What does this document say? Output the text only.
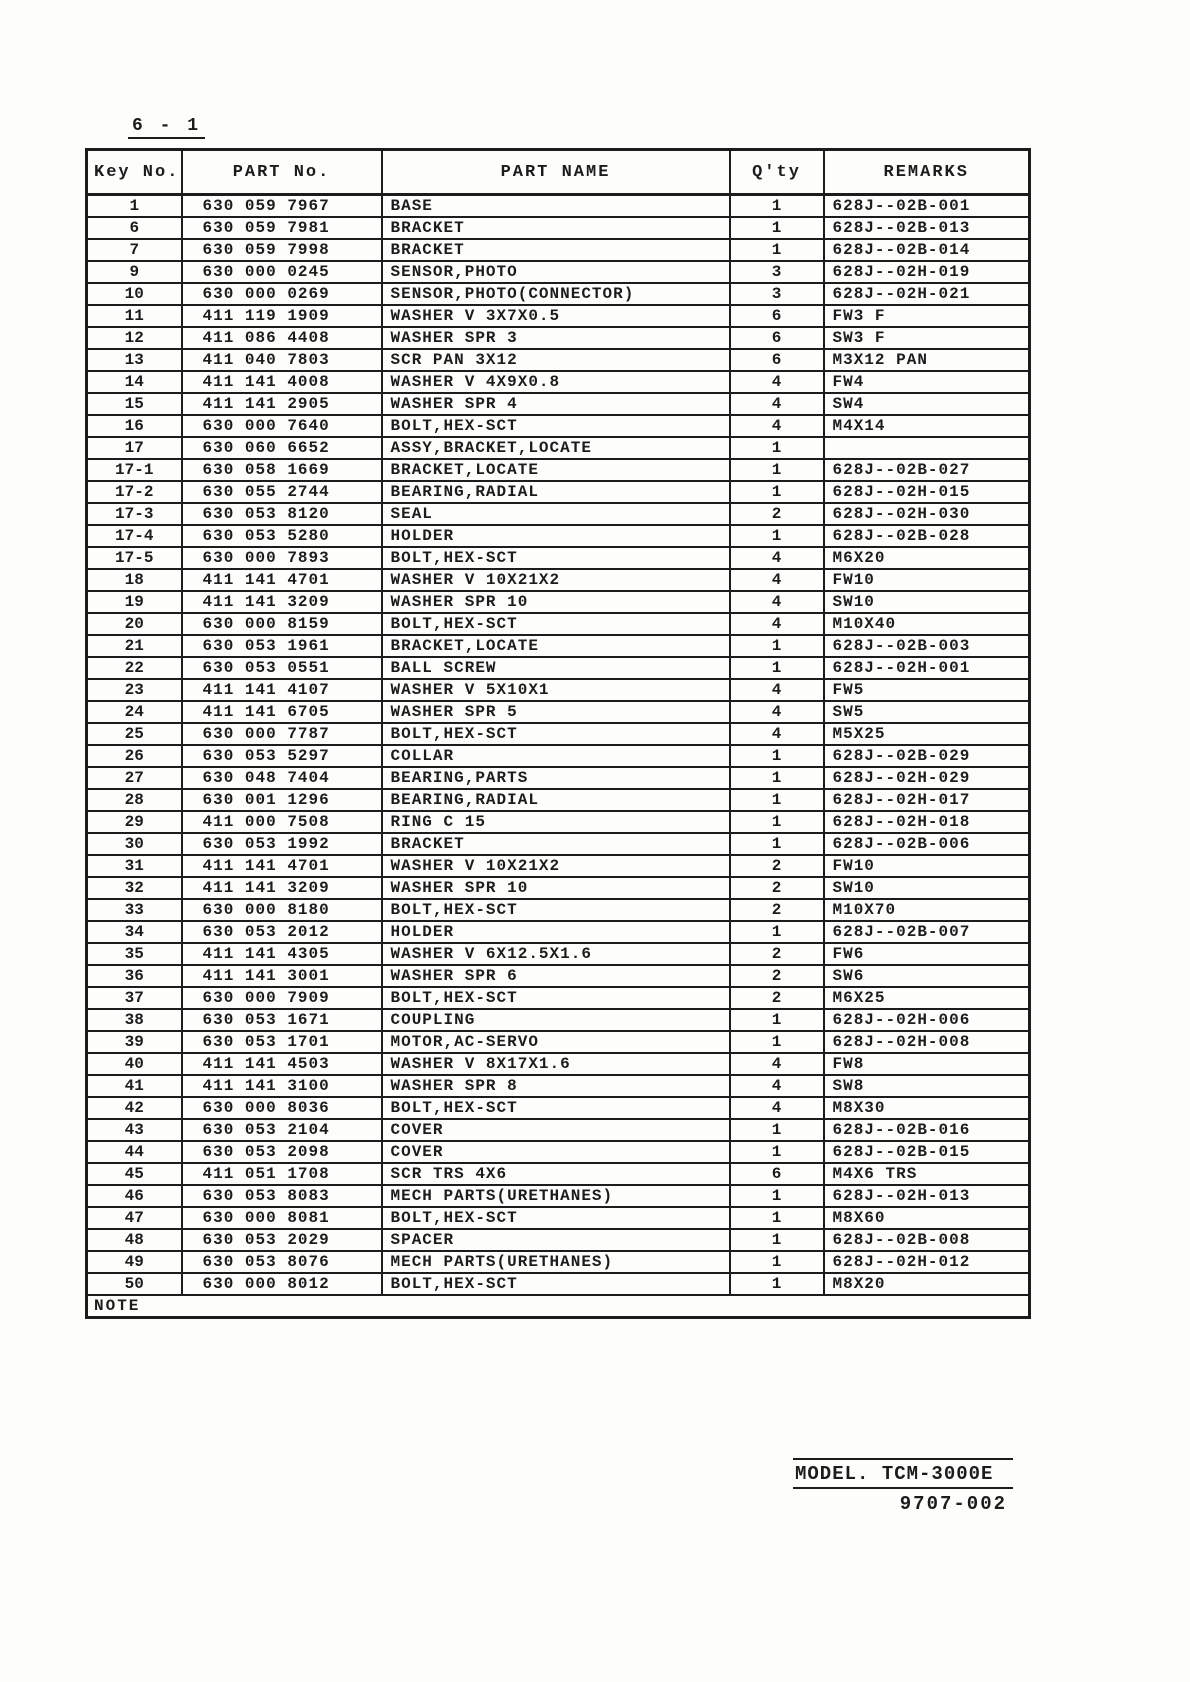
6 - 1
Key No.	PART No.	PART NAME	Q'ty	REMARKS
1	630 059 7967	BASE	1	628J--02B-001
6	630 059 7981	BRACKET	1	628J--02B-013
7	630 059 7998	BRACKET	1	628J--02B-014
9	630 000 0245	SENSOR,PHOTO	3	628J--02H-019
10	630 000 0269	SENSOR,PHOTO(CONNECTOR)	3	628J--02H-021
11	411 119 1909	WASHER V 3X7X0.5	6	FW3 F
12	411 086 4408	WASHER SPR 3	6	SW3 F
13	411 040 7803	SCR PAN 3X12	6	M3X12 PAN
14	411 141 4008	WASHER V 4X9X0.8	4	FW4
15	411 141 2905	WASHER SPR 4	4	SW4
16	630 000 7640	BOLT,HEX-SCT	4	M4X14
17	630 060 6652	ASSY,BRACKET,LOCATE	1	
17-1	630 058 1669	BRACKET,LOCATE	1	628J--02B-027
17-2	630 055 2744	BEARING,RADIAL	1	628J--02H-015
17-3	630 053 8120	SEAL	2	628J--02H-030
17-4	630 053 5280	HOLDER	1	628J--02B-028
17-5	630 000 7893	BOLT,HEX-SCT	4	M6X20
18	411 141 4701	WASHER V 10X21X2	4	FW10
19	411 141 3209	WASHER SPR 10	4	SW10
20	630 000 8159	BOLT,HEX-SCT	4	M10X40
21	630 053 1961	BRACKET,LOCATE	1	628J--02B-003
22	630 053 0551	BALL SCREW	1	628J--02H-001
23	411 141 4107	WASHER V 5X10X1	4	FW5
24	411 141 6705	WASHER SPR 5	4	SW5
25	630 000 7787	BOLT,HEX-SCT	4	M5X25
26	630 053 5297	COLLAR	1	628J--02B-029
27	630 048 7404	BEARING,PARTS	1	628J--02H-029
28	630 001 1296	BEARING,RADIAL	1	628J--02H-017
29	411 000 7508	RING C 15	1	628J--02H-018
30	630 053 1992	BRACKET	1	628J--02B-006
31	411 141 4701	WASHER V 10X21X2	2	FW10
32	411 141 3209	WASHER SPR 10	2	SW10
33	630 000 8180	BOLT,HEX-SCT	2	M10X70
34	630 053 2012	HOLDER	1	628J--02B-007
35	411 141 4305	WASHER V 6X12.5X1.6	2	FW6
36	411 141 3001	WASHER SPR 6	2	SW6
37	630 000 7909	BOLT,HEX-SCT	2	M6X25
38	630 053 1671	COUPLING	1	628J--02H-006
39	630 053 1701	MOTOR,AC-SERVO	1	628J--02H-008
40	411 141 4503	WASHER V 8X17X1.6	4	FW8
41	411 141 3100	WASHER SPR 8	4	SW8
42	630 000 8036	BOLT,HEX-SCT	4	M8X30
43	630 053 2104	COVER	1	628J--02B-016
44	630 053 2098	COVER	1	628J--02B-015
45	411 051 1708	SCR TRS 4X6	6	M4X6 TRS
46	630 053 8083	MECH PARTS(URETHANES)	1	628J--02H-013
47	630 000 8081	BOLT,HEX-SCT	1	M8X60
48	630 053 2029	SPACER	1	628J--02B-008
49	630 053 8076	MECH PARTS(URETHANES)	1	628J--02H-012
50	630 000 8012	BOLT,HEX-SCT	1	M8X20
NOTE				
MODEL. TCM-3000E
9707-002
